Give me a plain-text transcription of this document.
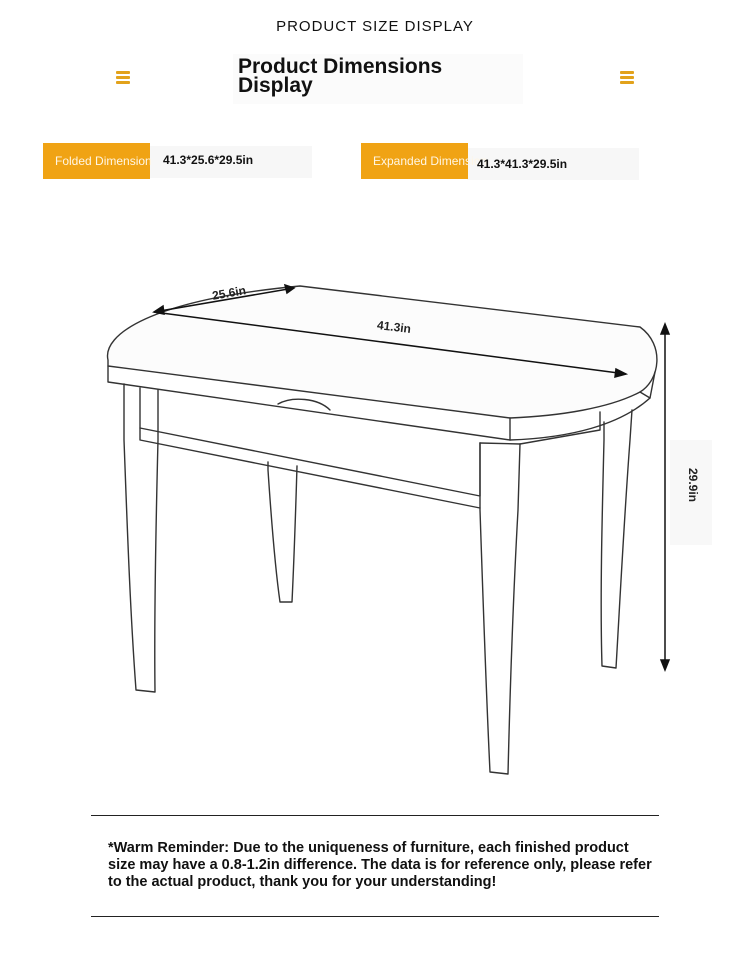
PRODUCT SIZE DISPLAY
Product Dimensions Display
Folded Dimension 41.3*25.6*29.5in	Expanded Dimension
41.3*41.3*29.5in
25.6in
41.3in
29.9in
*Warm Reminder: Due to the uniqueness of furniture, each finished product size may have a 0.8-1.2in difference. The data is for reference only, please refer to the actual product, thank you for your understanding!
